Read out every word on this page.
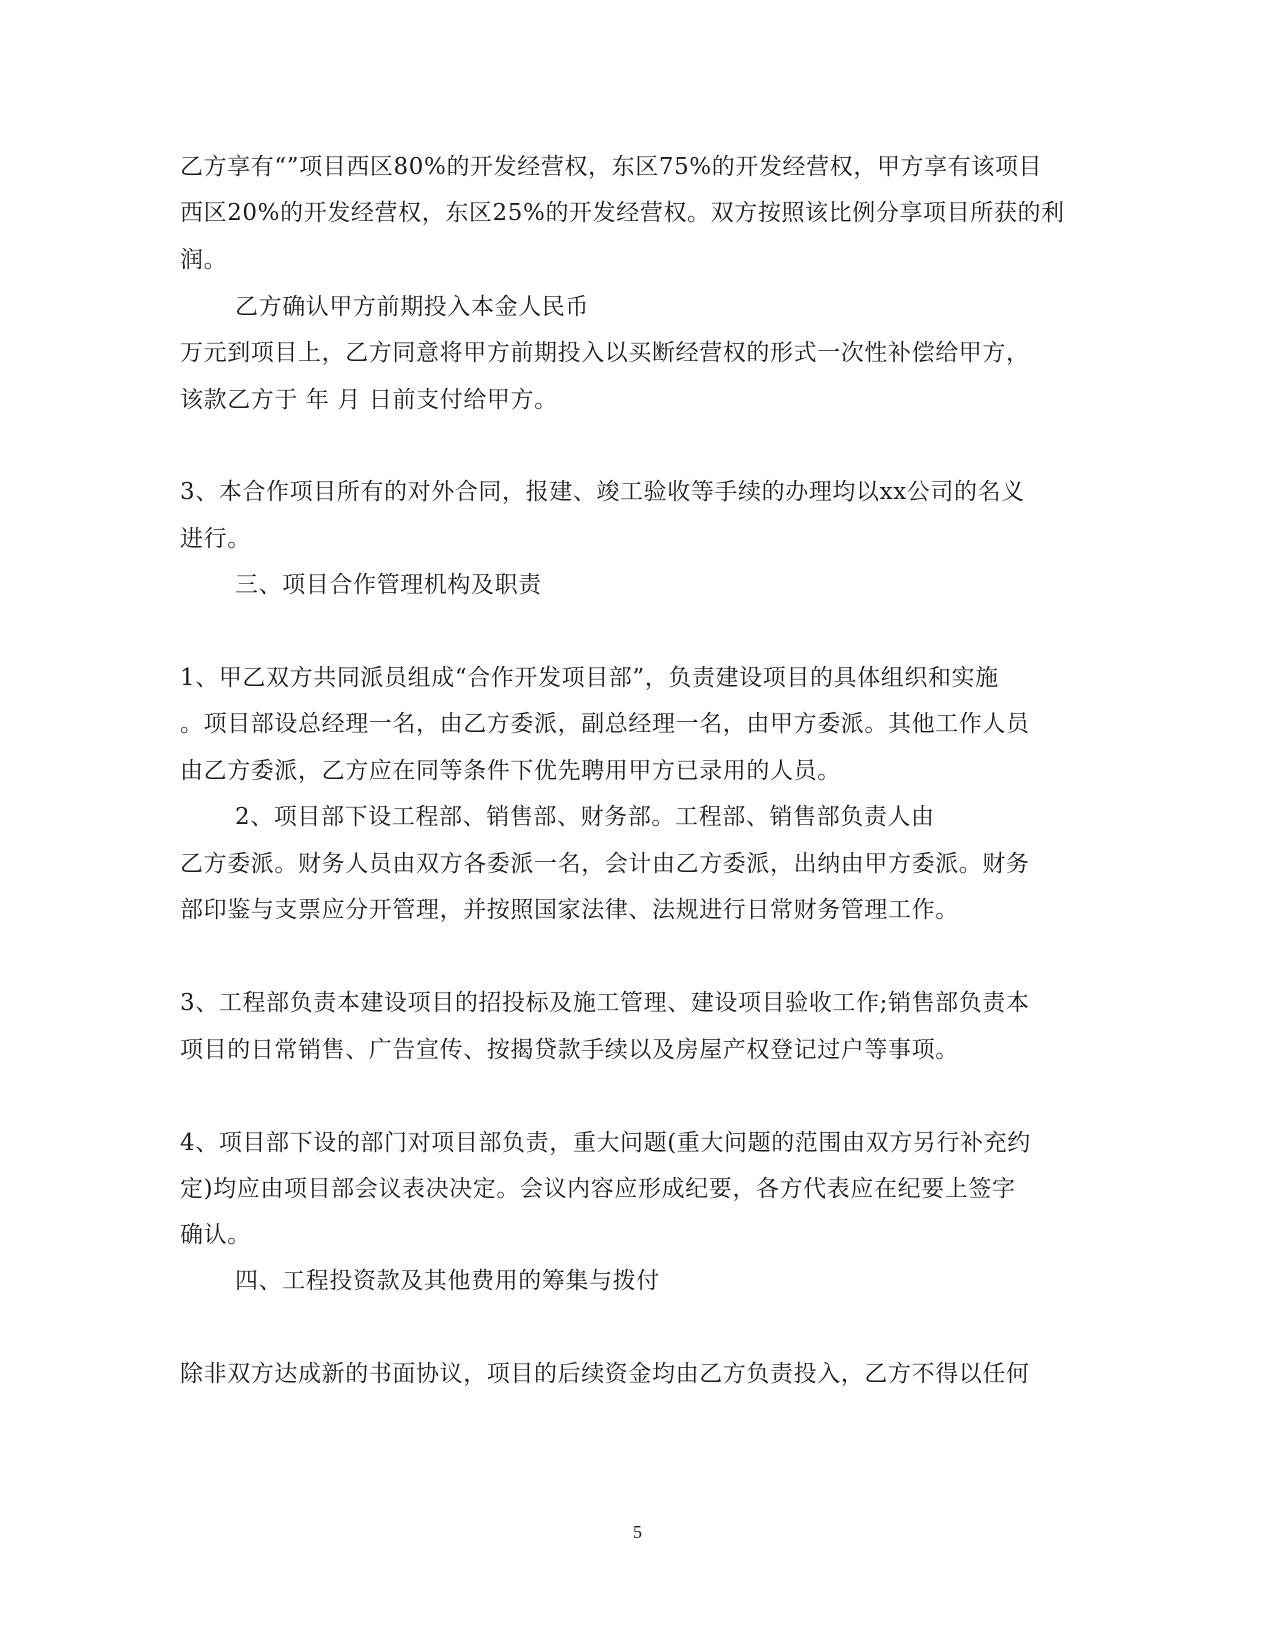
乙方享有“”项目西区80%的开发经营权，东区75%的开发经营权，甲方享有该项目
西区20%的开发经营权，东区25%的开发经营权。双方按照该比例分享项目所获的利
润。
乙方确认甲方前期投入本金人民币
万元到项目上，乙方同意将甲方前期投入以买断经营权的形式一次性补偿给甲方，
该款乙方于 年 月 日前支付给甲方。
3、本合作项目所有的对外合同，报建、竣工验收等手续的办理均以xx公司的名义
进行。
三、项目合作管理机构及职责
1、甲乙双方共同派员组成“合作开发项目部”，负责建设项目的具体组织和实施
。项目部设总经理一名，由乙方委派，副总经理一名，由甲方委派。其他工作人员
由乙方委派，乙方应在同等条件下优先聘用甲方已录用的人员。
2、项目部下设工程部、销售部、财务部。工程部、销售部负责人由
乙方委派。财务人员由双方各委派一名，会计由乙方委派，出纳由甲方委派。财务
部印鉴与支票应分开管理，并按照国家法律、法规进行日常财务管理工作。
3、工程部负责本建设项目的招投标及施工管理、建设项目验收工作;销售部负责本
项目的日常销售、广告宣传、按揭贷款手续以及房屋产权登记过户等事项。
4、项目部下设的部门对项目部负责，重大问题(重大问题的范围由双方另行补充约
定)均应由项目部会议表决决定。会议内容应形成纪要，各方代表应在纪要上签字
确认。
四、工程投资款及其他费用的筹集与拨付
除非双方达成新的书面协议，项目的后续资金均由乙方负责投入，乙方不得以任何
5
